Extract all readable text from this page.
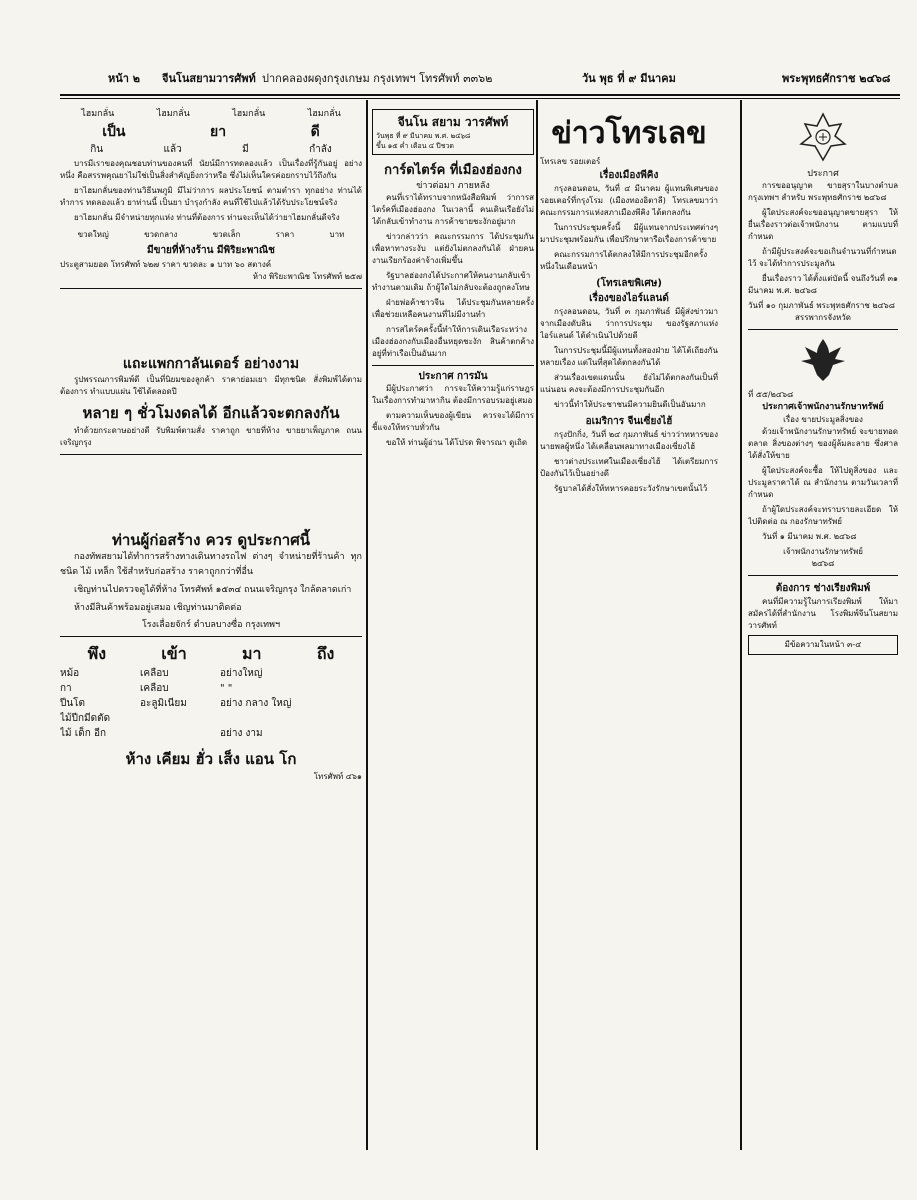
หน้า ๒ จีนโนสยามวารศัพท์ ปากคลองผดุงกรุงเกษม กรุงเทพฯ โทรศัพท์ ๓๓๖๒	วัน พุธ ที่ ๙ มีนาคม	พระพุทธศักราช ๒๔๖๘
ไฮมกลั่น	ไฮมกลั่น	ไฮมกลั่น	ไฮมกลั่น
เป็น	ยา	ดี
กิน	แล้ว	มี	กำลัง

บารมีเราของคุณชอบท่านของคนที่ นัยน์มีการทดลองแล้ว เป็นเรื่องที่รู้กันอยู่ อย่างหนึ่ง คือสรรพคุณยาไม่ใช่เป็นสิ่งสำคัญยิ่งกว่าหรือ ซึ่งไม่เห็นใครค่อยกราบไว้ถึงกัน

ยาไฮมกลั่นของท่านวิธีนพภูมิ มีไม่ว่าการ ผลประโยชน์ ตามตำรา ทุกอย่าง ท่านได้ทำการ ทดลองแล้ว ยาท่านนี้ เป็นยา บำรุงกำลัง คนที่ใช้ไปแล้วได้รับประโยชน์จริง

ยาไฮมกลั่น มีจำหน่ายทุกแห่ง ท่านที่ต้องการ ท่านจะเห็นได้ว่ายาไฮมกลั่นดีจริง

ขวดใหญ่	ขวดกลาง	ขวดเล็ก	ราคา	บาท
มีขายที่ห้างร้าน มีพิริยะพาณิช
ประตูสามยอด โทรศัพท์ ๖๒๗ ราคา ขวดละ ๑ บาท ๖๐ สตางค์
ห้าง พิริยะพาณิช โทรศัพท์ ๒๕๗
แถะแพกกาลันเดอร์ อย่างงาม

รูปพรรณการพิมพ์ดี เป็นที่นิยมของลูกค้า ราคาย่อมเยา มีทุกชนิด สั่งพิมพ์ได้ตามต้องการ ทำแบบแผ่น ใช้ได้ตลอดปี

หลาย ๆ ชั่วโมงดลได้ อีกแล้วจะตกลงกัน

ทำด้วยกระดาษอย่างดี รับพิมพ์ตามสั่ง ราคาถูก ขายที่ห้าง ขายยาเพ็ญภาค ถนนเจริญกรุง

ท่านผู้ก่อสร้าง ควร ดูประกาศนี้

กองทัพสยามได้ทำการสร้างทางเดินทางรถไฟ ต่างๆ จำหน่ายที่ร้านค้า ทุกชนิด ไม้ เหล็ก ใช้สำหรับก่อสร้าง ราคาถูกกว่าที่อื่น

เชิญท่านไปตรวจดูได้ที่ห้าง โทรศัพท์ ๑๕๓๔ ถนนเจริญกรุง ใกล้ตลาดเก่า

ห้างมีสินค้าพร้อมอยู่เสมอ เชิญท่านมาติดต่อ

โรงเลื่อยจักร์ ตำบลบางซื่อ กรุงเทพฯ
พึง	เข้า	มา	ถึง
หม้อ	เคลือบ	อย่างใหญ่
กา	เคลือบ	" "
ปีนโต	อะลูมิเนียม	อย่าง กลาง ใหญ่
ไม้ปีกมีดตัด
ไม้ เด็ก อีก	อย่าง งาม
ห้าง เคียม ฮั่ว เส็ง แอน โก
โทรศัพท์ ๔๖๑
จีนโน สยาม วารศัพท์
วันพุธ ที่ ๙ มีนาคม พ.ศ. ๒๔๖๘
ขึ้น ๑๕ ค่ำ เดือน ๔ ปีชวด
การ์ดไตร์ค ที่เมืองฮ่องกง
ข่าวต่อมา ภายหลัง

คนที่เราได้ทราบจากหนังสือพิมพ์ ว่าการสไตร์คที่เมืองฮ่องกง ในเวลานี้ คนเดินเรือยังไม่ได้กลับเข้าทำงาน การค้าขายชะงักอยู่มาก

ข่าวกล่าวว่า คณะกรรมการ ได้ประชุมกันเพื่อหาทางระงับ แต่ยังไม่ตกลงกันได้ ฝ่ายคนงานเรียกร้องค่าจ้างเพิ่มขึ้น

รัฐบาลฮ่องกงได้ประกาศให้คนงานกลับเข้าทำงานตามเดิม ถ้าผู้ใดไม่กลับจะต้องถูกลงโทษ

ฝ่ายพ่อค้าชาวจีน ได้ประชุมกันหลายครั้ง เพื่อช่วยเหลือคนงานที่ไม่มีงานทำ

การสไตร์คครั้งนี้ทำให้การเดินเรือระหว่างเมืองฮ่องกงกับเมืองอื่นหยุดชะงัก สินค้าตกค้างอยู่ที่ท่าเรือเป็นอันมาก

ประกาศ การมัน

มีผู้ประกาศว่า การจะให้ความรู้แก่ราษฎร ในเรื่องการทำมาหากิน ต้องมีการอบรมอยู่เสมอ

ตามความเห็นของผู้เขียน ควรจะได้มีการชี้แจงให้ทราบทั่วกัน

ขอให้ ท่านผู้อ่าน ได้โปรด พิจารณา ดูเถิด

ข่าวโทรเลข
โทรเลข รอยเตอร์
เรื่องเมืองพีคิง

กรุงลอนดอน, วันที่ ๔ มีนาคม ผู้แทนพิเศษของรอยเตอร์ที่กรุงโรม (เมืองทองอิตาลี) โทรเลขมาว่า คณะกรรมการแห่งสภาเมืองพีคิง ได้ตกลงกัน

ในการประชุมครั้งนี้ มีผู้แทนจากประเทศต่างๆ มาประชุมพร้อมกัน เพื่อปรึกษาหารือเรื่องการค้าขาย

คณะกรรมการได้ตกลงให้มีการประชุมอีกครั้งหนึ่งในเดือนหน้า

(โทรเลขพิเศษ)
เรื่องของไอร์แลนด์

กรุงลอนดอน, วันที่ ๓ กุมภาพันธ์ มีผู้ส่งข่าวมาจากเมืองดับลิน ว่าการประชุม ของรัฐสภาแห่งไอร์แลนด์ ได้ดำเนินไปด้วยดี

ในการประชุมนี้มีผู้แทนทั้งสองฝ่าย ได้โต้เถียงกันหลายเรื่อง แต่ในที่สุดได้ตกลงกันได้

ส่วนเรื่องเขตแดนนั้น ยังไม่ได้ตกลงกันเป็นที่แน่นอน คงจะต้องมีการประชุมกันอีก

ข่าวนี้ทำให้ประชาชนมีความยินดีเป็นอันมาก

อเมริการ จีนเซี่ยงไฮ้

กรุงปักกิ่ง, วันที่ ๒๔ กุมภาพันธ์ ข่าวว่าทหารของนายพลผู้หนึ่ง ได้เคลื่อนพลมาทางเมืองเซี่ยงไฮ้

ชาวต่างประเทศในเมืองเซี่ยงไฮ้ ได้เตรียมการป้องกันไว้เป็นอย่างดี

รัฐบาลได้สั่งให้ทหารคอยระวังรักษาเขตนั้นไว้

ประกาศ

การขออนุญาต ขายสุราในบางตำบล กรุงเทพฯ สำหรับ พระพุทธศักราช ๒๔๖๘

ผู้ใดประสงค์จะขออนุญาตขายสุรา ให้ยื่นเรื่องราวต่อเจ้าพนักงาน ตามแบบที่กำหนด

ถ้ามีผู้ประสงค์จะขอเกินจำนวนที่กำหนดไว้ จะได้ทำการประมูลกัน

ยื่นเรื่องราว ได้ตั้งแต่บัดนี้ จนถึงวันที่ ๓๑ มีนาคม พ.ศ. ๒๔๖๘

วันที่ ๑๐ กุมภาพันธ์ พระพุทธศักราช ๒๔๖๘
สรรพากรจังหวัด
ที่ ๕๕/๒๔๖๘
ประกาศเจ้าพนักงานรักษาทรัพย์
เรื่อง ขายประมูลสิ่งของ

ด้วยเจ้าพนักงานรักษาทรัพย์ จะขายทอดตลาด สิ่งของต่างๆ ของผู้ล้มละลาย ซึ่งศาลได้สั่งให้ขาย

ผู้ใดประสงค์จะซื้อ ให้ไปดูสิ่งของ และประมูลราคาได้ ณ สำนักงาน ตามวันเวลาที่กำหนด

ถ้าผู้ใดประสงค์จะทราบรายละเอียด ให้ไปติดต่อ ณ กองรักษาทรัพย์

วันที่ ๑ มีนาคม พ.ศ. ๒๔๖๘

เจ้าพนักงานรักษาทรัพย์
๒๔๖๘
ต้องการ ช่างเรียงพิมพ์

คนที่มีความรู้ในการเรียงพิมพ์ ให้มาสมัครได้ที่สำนักงาน โรงพิมพ์จีนโนสยามวารศัพท์

มีข้อความในหน้า ๓-๔
